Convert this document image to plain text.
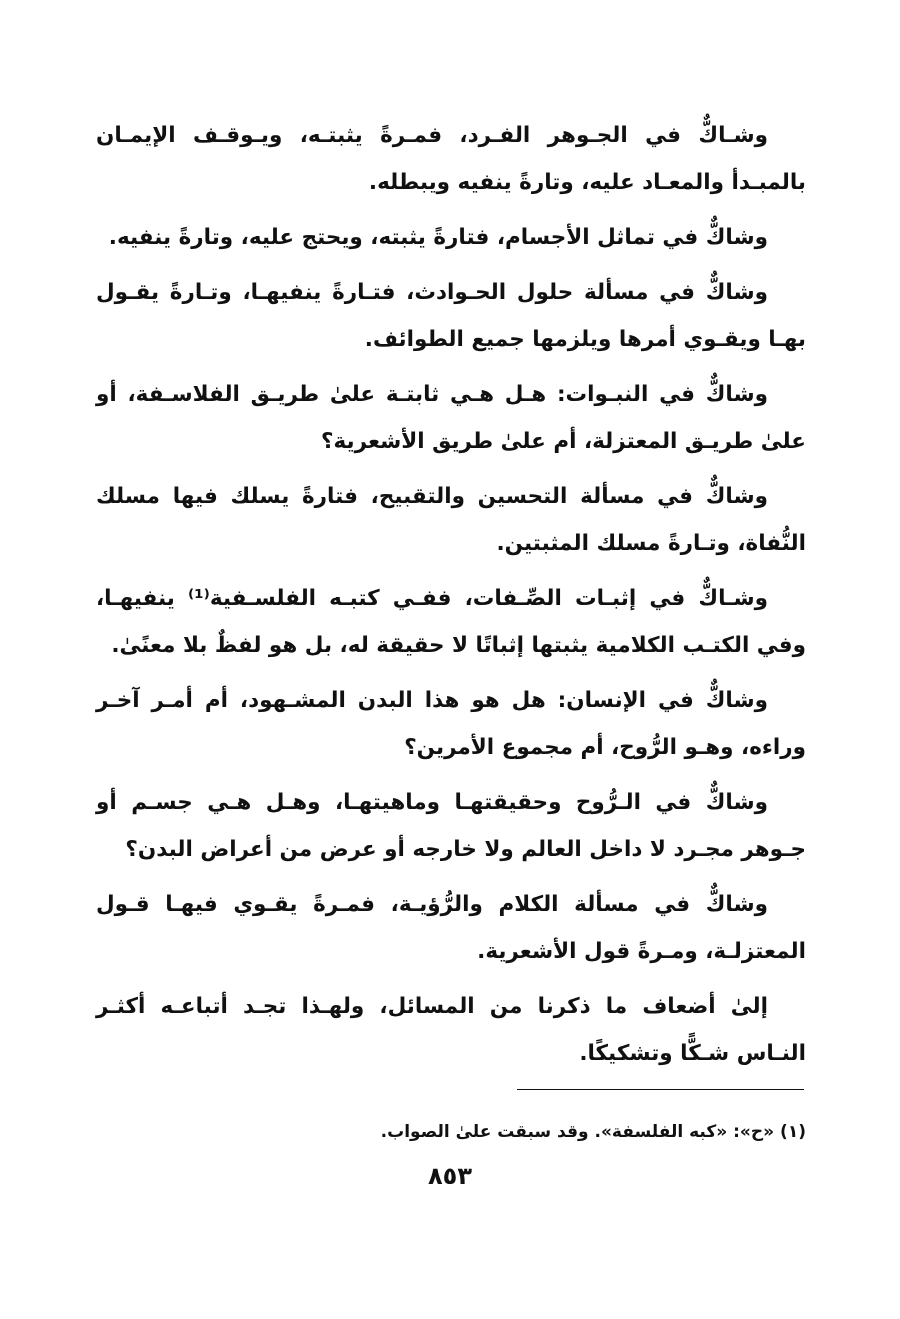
وشـاكٌّ في الجـوهر الفـرد، فمـرةً يثبتـه، ويـوقـف الإيمـان بالمبـدأ والمعـاد عليه، وتارةً ينفيه ويبطله.

وشاكٌّ في تماثل الأجسام، فتارةً يثبته، ويحتج عليه، وتارةً ينفيه.

وشاكٌّ في مسألة حلول الحـوادث، فتـارةً ينفيهـا، وتـارةً يقـول بهـا ويقـوي أمرها ويلزمها جميع الطوائف.

وشاكٌّ في النبـوات: هـل هـي ثابتـة علىٰ طريـق الفلاسـفة، أو علىٰ طريـق المعتزلة، أم علىٰ طريق الأشعرية؟

وشاكٌّ في مسألة التحسين والتقبيح، فتارةً يسلك فيها مسلك النُّفاة، وتـارةً مسلك المثبتين.

وشـاكٌّ في إثبـات الصِّـفات، ففـي كتبـه الفلسـفية⁽¹⁾ ينفيهـا، وفي الكتـب الكلامية يثبتها إثباتًا لا حقيقة له، بل هو لفظٌ بلا معنًىٰ.

وشاكٌّ في الإنسان: هل هو هذا البدن المشـهود، أم أمـر آخـر وراءه، وهـو الرُّوح، أم مجموع الأمرين؟

وشاكٌّ في الـرُّوح وحقيقتهـا وماهيتهـا، وهـل هـي جسـم أو جـوهر مجـرد لا داخل العالم ولا خارجه أو عرض من أعراض البدن؟

وشاكٌّ في مسألة الكلام والرُّؤيـة، فمـرةً يقـوي فيهـا قـول المعتزلـة، ومـرةً قول الأشعرية.

إلىٰ أضعاف ما ذكرنا من المسائل، ولهـذا تجـد أتباعـه أكثـر النـاس شـكًّا وتشكيكًا.

(١) «ح»: «كبه الفلسفة». وقد سبقت علىٰ الصواب.
٨٥٣
